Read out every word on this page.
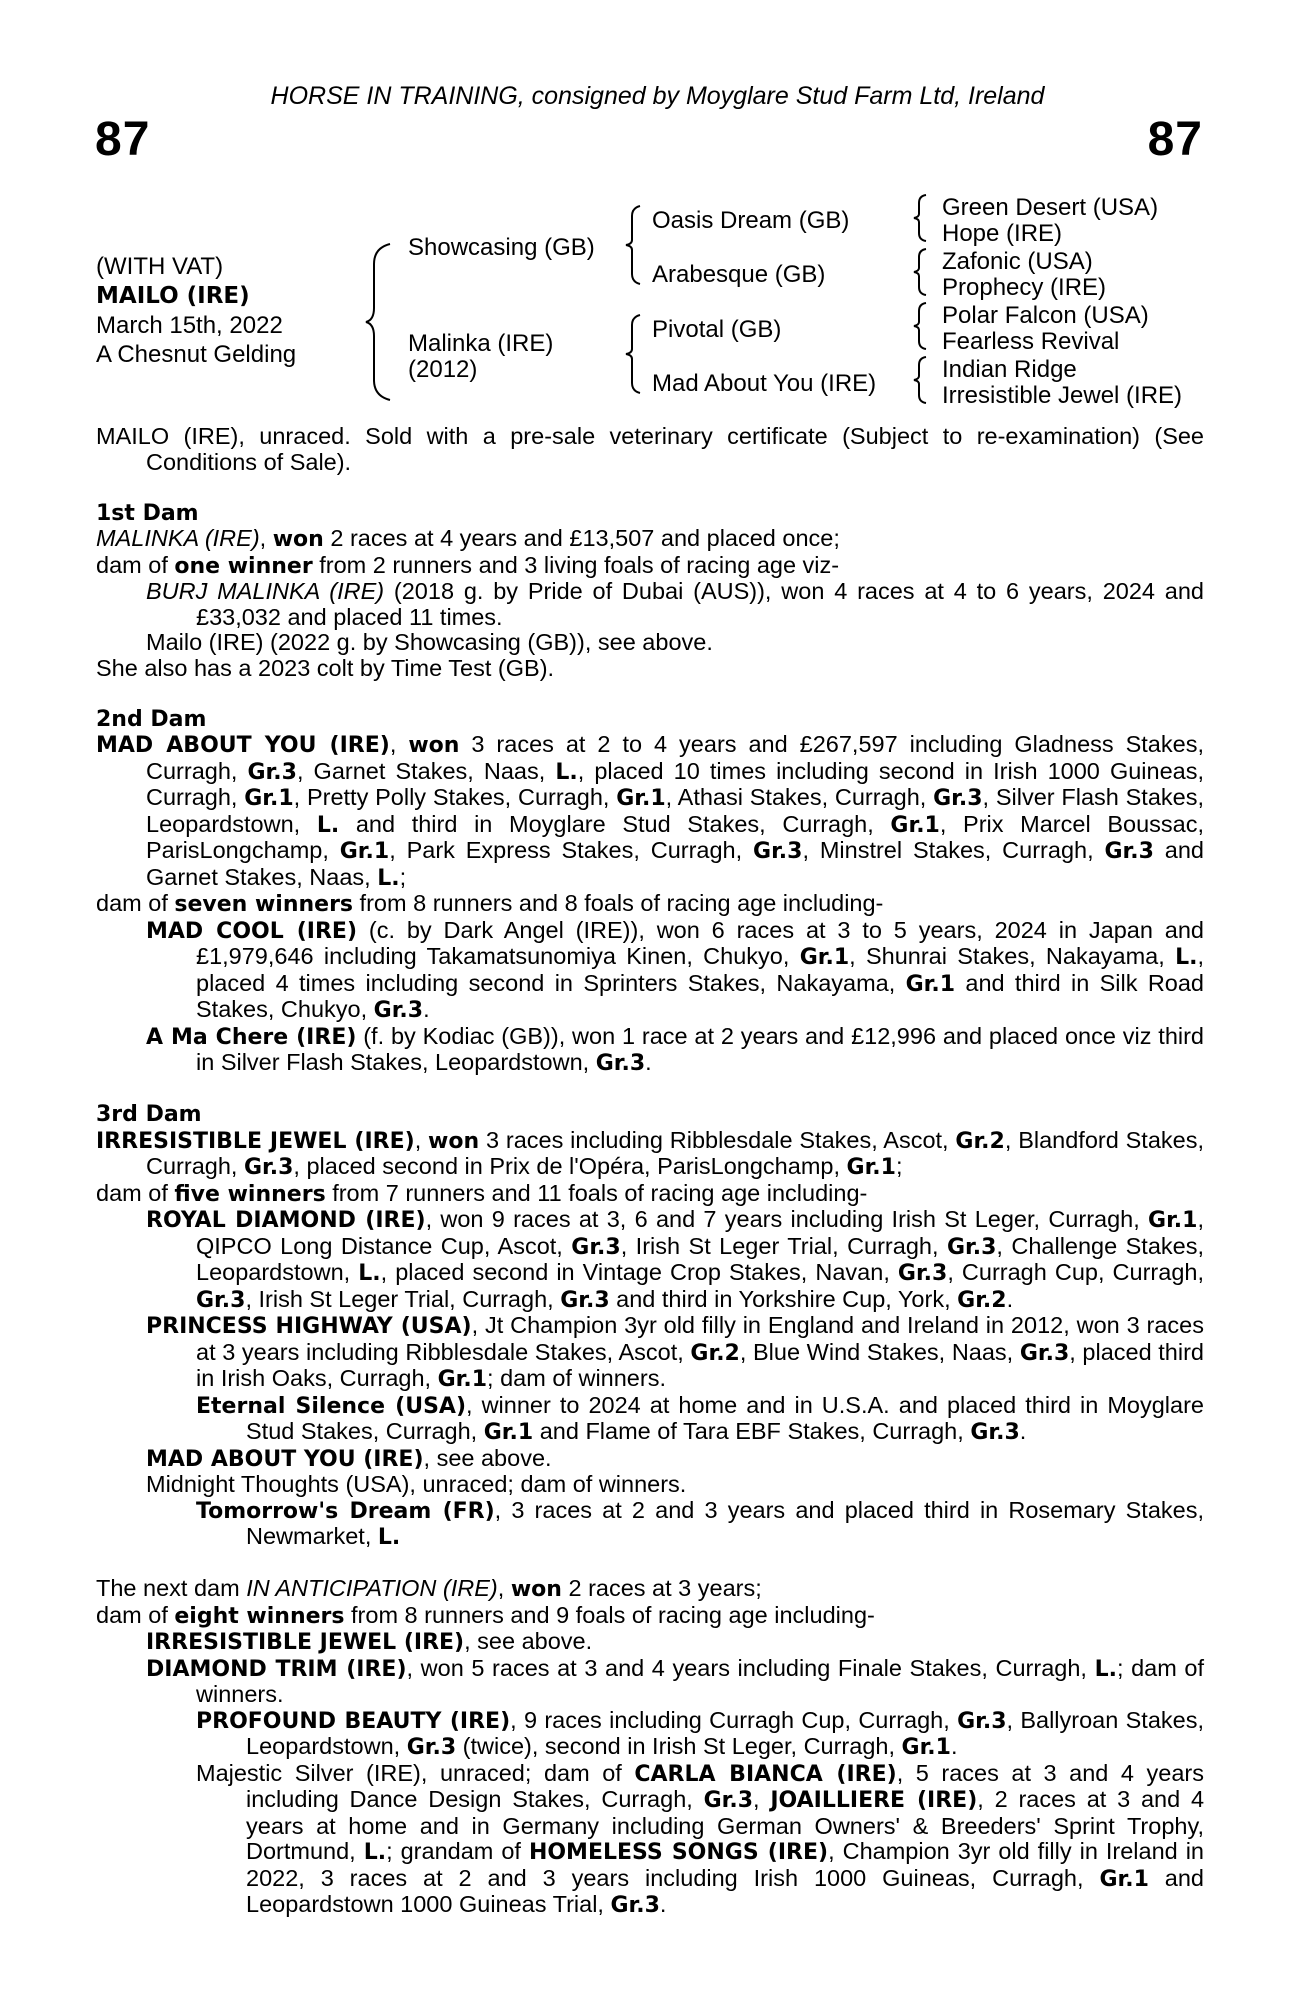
HORSE IN TRAINING, consigned by Moyglare Stud Farm Ltd, Ireland
87	87
(WITH VAT)
MAILO (IRE)
March 15th, 2022
A Chesnut Gelding
Showcasing (GB)
Malinka (IRE)
(2012)
Oasis Dream (GB)
Arabesque (GB)
Pivotal (GB)
Mad About You (IRE)
Green Desert (USA)
Hope (IRE)
Zafonic (USA)
Prophecy (IRE)
Polar Falcon (USA)
Fearless Revival
Indian Ridge
Irresistible Jewel (IRE)

MAILO (IRE), unraced. Sold with a pre-sale veterinary certificate (Subject to re-examination) (See Conditions of Sale).

1st Dam

MALINKA (IRE), won 2 races at 4 years and £13,507 and placed once;

dam of one winner from 2 runners and 3 living foals of racing age viz-

BURJ MALINKA (IRE) (2018 g. by Pride of Dubai (AUS)), won 4 races at 4 to 6 years, 2024 and £33,032 and placed 11 times.

Mailo (IRE) (2022 g. by Showcasing (GB)), see above.

She also has a 2023 colt by Time Test (GB).

2nd Dam

MAD ABOUT YOU (IRE), won 3 races at 2 to 4 years and £267,597 including Gladness Stakes, Curragh, Gr.3, Garnet Stakes, Naas, L., placed 10 times including second in Irish 1000 Guineas, Curragh, Gr.1, Pretty Polly Stakes, Curragh, Gr.1, Athasi Stakes, Curragh, Gr.3, Silver Flash Stakes, Leopardstown, L. and third in Moyglare Stud Stakes, Curragh, Gr.1, Prix Marcel Boussac, ParisLongchamp, Gr.1, Park Express Stakes, Curragh, Gr.3, Minstrel Stakes, Curragh, Gr.3 and Garnet Stakes, Naas, L.;

dam of seven winners from 8 runners and 8 foals of racing age including-

MAD COOL (IRE) (c. by Dark Angel (IRE)), won 6 races at 3 to 5 years, 2024 in Japan and £1,979,646 including Takamatsunomiya Kinen, Chukyo, Gr.1, Shunrai Stakes, Nakayama, L., placed 4 times including second in Sprinters Stakes, Nakayama, Gr.1 and third in Silk Road Stakes, Chukyo, Gr.3.

A Ma Chere (IRE) (f. by Kodiac (GB)), won 1 race at 2 years and £12,996 and placed once viz third in Silver Flash Stakes, Leopardstown, Gr.3.

3rd Dam

IRRESISTIBLE JEWEL (IRE), won 3 races including Ribblesdale Stakes, Ascot, Gr.2, Blandford Stakes, Curragh, Gr.3, placed second in Prix de l'Opéra, ParisLongchamp, Gr.1;

dam of five winners from 7 runners and 11 foals of racing age including-

ROYAL DIAMOND (IRE), won 9 races at 3, 6 and 7 years including Irish St Leger, Curragh, Gr.1, QIPCO Long Distance Cup, Ascot, Gr.3, Irish St Leger Trial, Curragh, Gr.3, Challenge Stakes, Leopardstown, L., placed second in Vintage Crop Stakes, Navan, Gr.3, Curragh Cup, Curragh, Gr.3, Irish St Leger Trial, Curragh, Gr.3 and third in Yorkshire Cup, York, Gr.2.

PRINCESS HIGHWAY (USA), Jt Champion 3yr old filly in England and Ireland in 2012, won 3 races at 3 years including Ribblesdale Stakes, Ascot, Gr.2, Blue Wind Stakes, Naas, Gr.3, placed third in Irish Oaks, Curragh, Gr.1; dam of winners.

Eternal Silence (USA), winner to 2024 at home and in U.S.A. and placed third in Moyglare Stud Stakes, Curragh, Gr.1 and Flame of Tara EBF Stakes, Curragh, Gr.3.

MAD ABOUT YOU (IRE), see above.

Midnight Thoughts (USA), unraced; dam of winners.

Tomorrow's Dream (FR), 3 races at 2 and 3 years and placed third in Rosemary Stakes, Newmarket, L.

The next dam IN ANTICIPATION (IRE), won 2 races at 3 years;

dam of eight winners from 8 runners and 9 foals of racing age including-

IRRESISTIBLE JEWEL (IRE), see above.

DIAMOND TRIM (IRE), won 5 races at 3 and 4 years including Finale Stakes, Curragh, L.; dam of winners.

PROFOUND BEAUTY (IRE), 9 races including Curragh Cup, Curragh, Gr.3, Ballyroan Stakes, Leopardstown, Gr.3 (twice), second in Irish St Leger, Curragh, Gr.1.

Majestic Silver (IRE), unraced; dam of CARLA BIANCA (IRE), 5 races at 3 and 4 years including Dance Design Stakes, Curragh, Gr.3, JOAILLIERE (IRE), 2 races at 3 and 4 years at home and in Germany including German Owners' & Breeders' Sprint Trophy, Dortmund, L.; grandam of HOMELESS SONGS (IRE), Champion 3yr old filly in Ireland in 2022, 3 races at 2 and 3 years including Irish 1000 Guineas, Curragh, Gr.1 and Leopardstown 1000 Guineas Trial, Gr.3.
